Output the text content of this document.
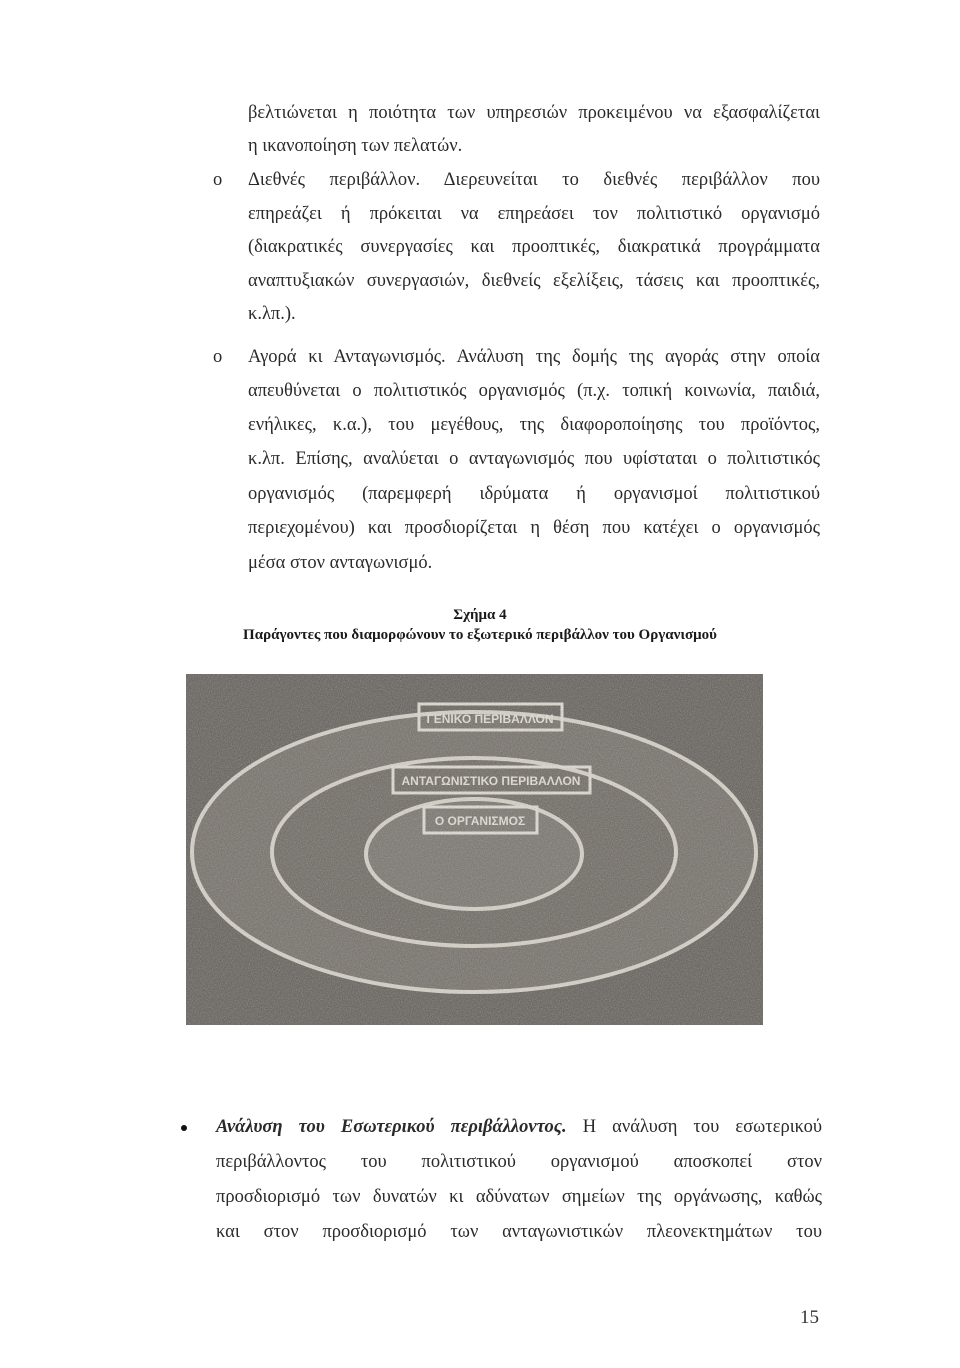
βελτιώνεται η ποιότητα των υπηρεσιών προκειμένου να εξασφαλίζεται
η ικανοποίηση των πελατών.
o Διεθνές περιβάλλον. Διερευνείται το διεθνές περιβάλλον που
επηρεάζει ή πρόκειται να επηρεάσει τον πολιτιστικό οργανισμό
(διακρατικές συνεργασίες και προοπτικές, διακρατικά προγράμματα
αναπτυξιακών συνεργασιών, διεθνείς εξελίξεις, τάσεις και προοπτικές,
κ.λπ.).
o Αγορά κι Ανταγωνισμός. Ανάλυση της δομής της αγοράς στην οποία
απευθύνεται ο πολιτιστικός οργανισμός (π.χ. τοπική κοινωνία, παιδιά,
ενήλικες, κ.α.), του μεγέθους, της διαφοροποίησης του προϊόντος,
κ.λπ. Επίσης, αναλύεται ο ανταγωνισμός που υφίσταται ο πολιτιστικός
οργανισμός (παρεμφερή ιδρύματα ή οργανισμοί πολιτιστικού
περιεχομένου) και προσδιορίζεται η θέση που κατέχει ο οργανισμός
μέσα στον ανταγωνισμό.
Σχήμα 4
Παράγοντες που διαμορφώνουν το εξωτερικό περιβάλλον του Οργανισμού
Ανάλυση του Εσωτερικού περιβάλλοντος. Η ανάλυση του εσωτερικού
περιβάλλοντος του πολιτιστικού οργανισμού αποσκοπεί στον
προσδιορισμό των δυνατών κι αδύνατων σημείων της οργάνωσης, καθώς
και στον προσδιορισμό των ανταγωνιστικών πλεονεκτημάτων του
15
